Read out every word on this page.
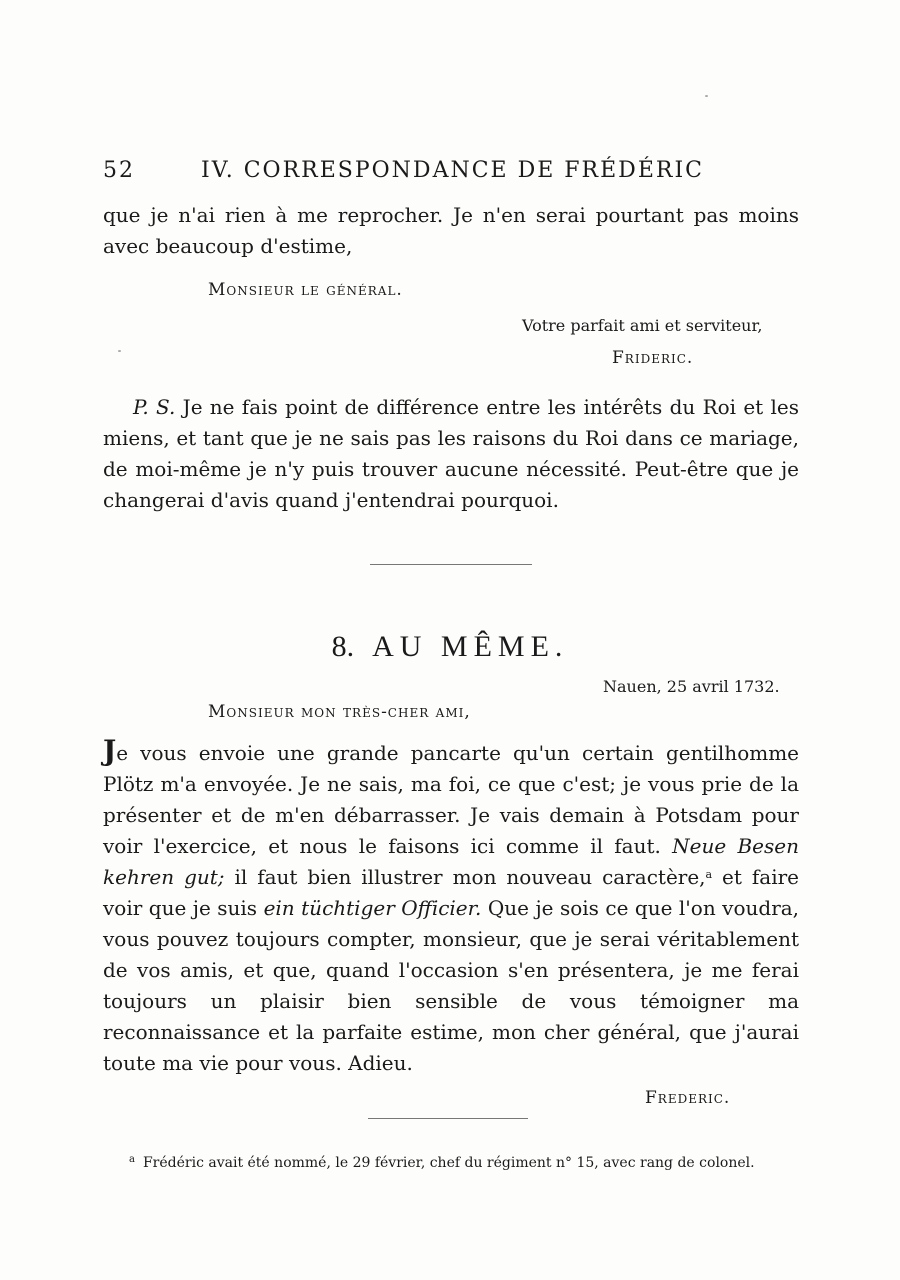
52	IV. CORRESPONDANCE DE FRÉDÉRIC
que je n'ai rien à me reprocher. Je n'en serai pourtant pas moins avec beaucoup d'estime,
Monsieur le général.
Votre parfait ami et serviteur,
Frideric.
P. S. Je ne fais point de différence entre les intérêts du Roi et les miens, et tant que je ne sais pas les raisons du Roi dans ce mariage, de moi-même je n'y puis trouver aucune nécessité. Peut-être que je changerai d'avis quand j'entendrai pourquoi.
8. AU MÊME.
Nauen, 25 avril 1732.
Monsieur mon très-cher ami,
Je vous envoie une grande pancarte qu'un certain gentilhomme Plötz m'a envoyée. Je ne sais, ma foi, ce que c'est; je vous prie de la présenter et de m'en débarrasser. Je vais demain à Potsdam pour voir l'exercice, et nous le faisons ici comme il faut. Neue Besen kehren gut; il faut bien illustrer mon nouveau caractère,$^a$ et faire voir que je suis ein tüchtiger Officier. Que je sois ce que l'on voudra, vous pouvez toujours compter, monsieur, que je serai véritablement de vos amis, et que, quand l'occasion s'en présentera, je me ferai toujours un plaisir bien sensible de vous témoigner ma reconnaissance et la parfaite estime, mon cher général, que j'aurai toute ma vie pour vous. Adieu.
Frederic.
$^a$ Frédéric avait été nommé, le 29 février, chef du régiment n° 15, avec rang de colonel.
